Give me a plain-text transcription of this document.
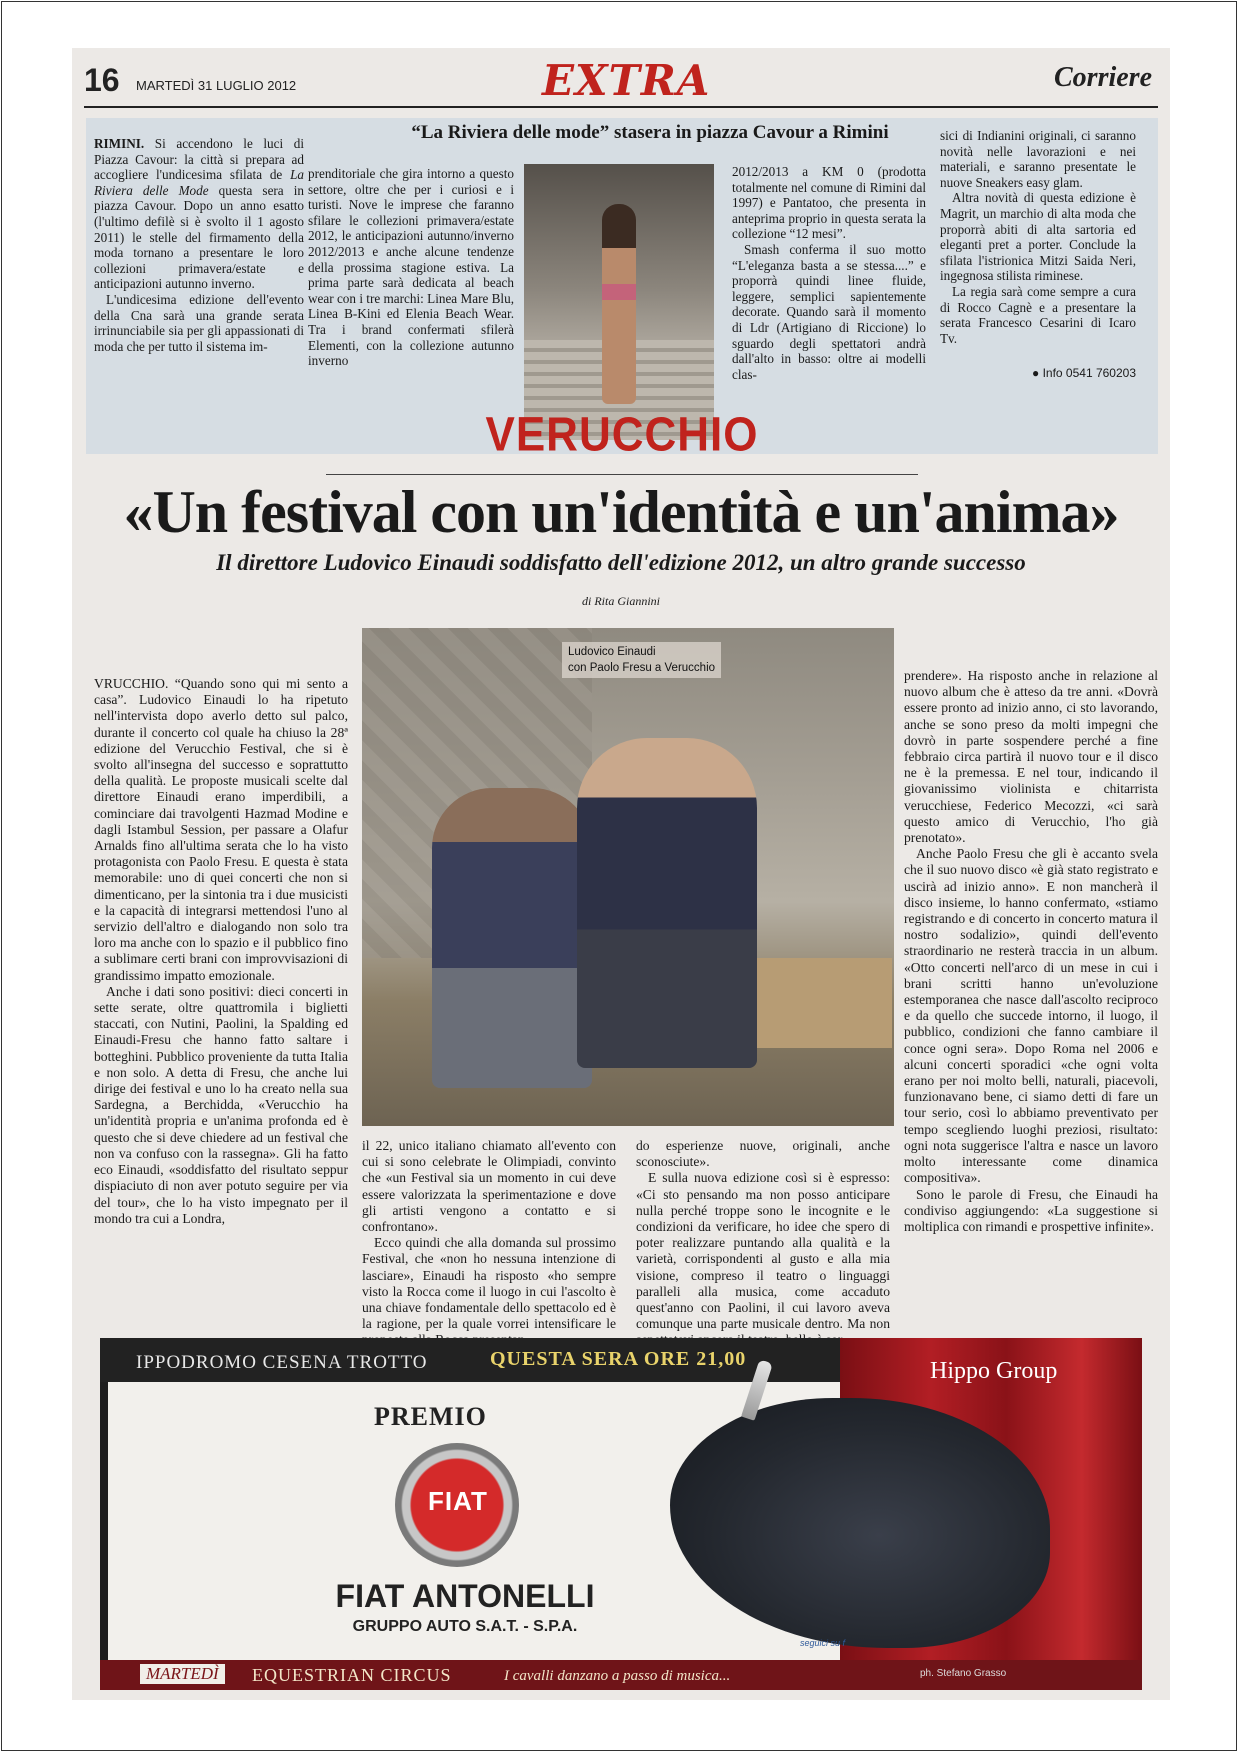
16 MARTEDÌ 31 LUGLIO 2012	EXTRA	Corriere
“La Riviera delle mode” stasera in piazza Cavour a Rimini
RIMINI. Si accendono le luci di Piazza Cavour: la città si prepara ad accogliere l'undicesima sfilata de La Riviera delle Mode questa sera in piazza Cavour. Dopo un anno esatto (l'ultimo defilè si è svolto il 1 agosto 2011) le stelle del firmamento della moda tornano a presentare le loro collezioni primavera/estate e anticipazioni autunno inverno.
L'undicesima edizione dell'evento della Cna sarà una grande serata irrinunciabile sia per gli appassionati di moda che per tutto il sistema im-
prenditoriale che gira intorno a questo settore, oltre che per i curiosi e i turisti. Nove le imprese che faranno sfilare le collezioni primavera/estate 2012, le anticipazioni autunno/inverno 2012/2013 e anche alcune tendenze della prossima stagione estiva. La prima parte sarà dedicata al beach wear con i tre marchi: Linea Mare Blu, Linea B-Kini ed Elenia Beach Wear. Tra i brand confermati sfilerà Elementi, con la collezione autunno inverno
2012/2013 a KM 0 (prodotta totalmente nel comune di Rimini dal 1997) e Pantatoo, che presenta in anteprima proprio in questa serata la collezione “12 mesi”.
Smash conferma il suo motto “L'eleganza basta a se stessa....” e proporrà quindi linee fluide, leggere, semplici sapientemente decorate. Quando sarà il momento di Ldr (Artigiano di Riccione) lo sguardo degli spettatori andrà dall'alto in basso: oltre ai modelli clas-
sici di Indianini originali, ci saranno novità nelle lavorazioni e nei materiali, e saranno presentate le nuove Sneakers easy glam.
Altra novità di questa edizione è Magrit, un marchio di alta moda che proporrà abiti di alta sartoria ed eleganti pret a porter. Conclude la sfilata l'istrionica Mitzi Saida Neri, ingegnosa stilista riminese.
La regia sarà come sempre a cura di Rocco Cagnè e a presentare la serata Francesco Cesarini di Icaro Tv.
● Info 0541 760203
VERUCCHIO
«Un festival con un'identità e un'anima»
Il direttore Ludovico Einaudi soddisfatto dell'edizione 2012, un altro grande successo
di Rita Giannini
Ludovico Einaudi
con Paolo Fresu a Verucchio
VRUCCHIO. “Quando sono qui mi sento a casa”. Ludovico Einaudi lo ha ripetuto nell'intervista dopo averlo detto sul palco, durante il concerto col quale ha chiuso la 28ª edizione del Verucchio Festival, che si è svolto all'insegna del successo e soprattutto della qualità. Le proposte musicali scelte dal direttore Einaudi erano imperdibili, a cominciare dai travolgenti Hazmad Modine e dagli Istambul Session, per passare a Olafur Arnalds fino all'ultima serata che lo ha visto protagonista con Paolo Fresu. E questa è stata memorabile: uno di quei concerti che non si dimenticano, per la sintonia tra i due musicisti e la capacità di integrarsi mettendosi l'uno al servizio dell'altro e dialogando non solo tra loro ma anche con lo spazio e il pubblico fino a sublimare certi brani con improvvisazioni di grandissimo impatto emozionale.
Anche i dati sono positivi: dieci concerti in sette serate, oltre quattromila i biglietti staccati, con Nutini, Paolini, la Spalding ed Einaudi-Fresu che hanno fatto saltare i botteghini. Pubblico proveniente da tutta Italia e non solo. A detta di Fresu, che anche lui dirige dei festival e uno lo ha creato nella sua Sardegna, a Berchidda, «Verucchio ha un'identità propria e un'anima profonda ed è questo che si deve chiedere ad un festival che non va confuso con la rassegna». Gli ha fatto eco Einaudi, «soddisfatto del risultato seppur dispiaciuto di non aver potuto seguire per via del tour», che lo ha visto impegnato per il mondo tra cui a Londra,
il 22, unico italiano chiamato all'evento con cui si sono celebrate le Olimpiadi, convinto che «un Festival sia un momento in cui deve essere valorizzata la sperimentazione e dove gli artisti vengono a contatto e si confrontano».
Ecco quindi che alla domanda sul prossimo Festival, che «non ho nessuna intenzione di lasciare», Einaudi ha risposto «ho sempre visto la Rocca come il luogo in cui l'ascolto è una chiave fondamentale dello spettacolo ed è la ragione, per la quale vorrei intensificare le
do esperienze nuove, originali, anche sconosciute».
E sulla nuova edizione così si è espresso: «Ci sto pensando ma non posso anticipare nulla perché troppe sono le incognite e le condizioni da verificare, ho idee che spero di poter realizzare puntando alla qualità e la varietà, corrispondenti al gusto e alla mia visione, compreso il teatro o linguaggi paralleli alla musica, come accaduto quest'anno con Paolini, il cui lavoro aveva comunque una parte musicale dentro. Ma non
prendere». Ha risposto anche in relazione al nuovo album che è atteso da tre anni. «Dovrà essere pronto ad inizio anno, ci sto lavorando, anche se sono preso da molti impegni che dovrò in parte sospendere perché a fine febbraio circa partirà il nuovo tour e il disco ne è la premessa. E nel tour, indicando il giovanissimo violinista e chitarrista verucchiese, Federico Mecozzi, «ci sarà questo amico di Verucchio, l'ho già prenotato».
Anche Paolo Fresu che gli è accanto svela che il suo nuovo disco «è già stato registrato e uscirà ad inizio anno». E non mancherà il disco insieme, lo hanno confermato, «stiamo registrando e di concerto in concerto matura il nostro sodalizio», quindi dell'evento straordinario ne resterà traccia in un album. «Otto concerti nell'arco di un mese in cui i brani scritti hanno un'evoluzione estemporanea che nasce dall'ascolto reciproco e da quello che succede intorno, il luogo, il pubblico, condizioni che fanno cambiare il conce ogni sera». Dopo Roma nel 2006 e alcuni concerti sporadici «che ogni volta erano per noi molto belli, naturali, piacevoli, funzionavano bene, ci siamo detti di fare un tour serio, così lo abbiamo preventivato per tempo scegliendo luoghi preziosi, risultato: ogni nota suggerisce l'altra e nasce un lavoro molto interessante come dinamica compositiva».
Sono le parole di Fresu, che Einaudi ha condiviso aggiungendo: «La suggestione si moltiplica con rimandi e prospettive infinite».
IPPODROMO CESENA TROTTO	QUESTA SERA ORE 21,00	Hippo Group
PREMIO
FIAT
FIAT ANTONELLI
GRUPPO AUTO S.A.T. - S.P.A.
seguici su f
MARTEDÌ	EQUESTRIAN CIRCUS	I cavalli danzano a passo di musica...	ph. Stefano Grasso
